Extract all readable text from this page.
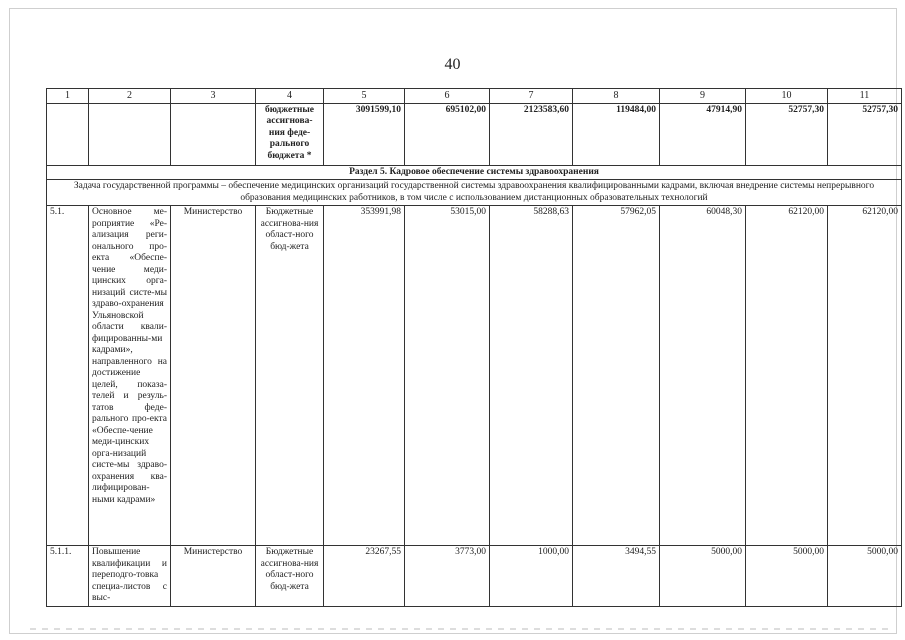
40
1	2	3	4	5	6	7	8	9	10	11
			бюджетные ассигнова-ния феде-рального бюджета *	3091599,10	695102,00	2123583,60	119484,00	47914,90	52757,30	52757,30
Раздел 5. Кадровое обеспечение системы здравоохранения										
Задача государственной программы – обеспечение медицинских организаций государственной системы здравоохранения квалифицированными кадрами, включая внедрение системы непрерывного образования медицинских работников, в том числе с использованием дистанционных образовательных технологий										
5.1.	Основное ме-роприятие «Ре-ализация реги-онального про-екта «Обеспе-чение меди-цинских орга-низаций систе-мы здраво-охранения Ульяновской области квали-фицированны-ми кадрами», направленного на достижение целей, показа-телей и резуль-татов феде-рального про-екта «Обеспе-чение меди-цинских орга-низаций систе-мы здраво-охранения ква-лифицирован-ными кадрами»	Министерство	Бюджетные ассигнова-ния област-ного бюд-жета	353991,98	53015,00	58288,63	57962,05	60048,30	62120,00	62120,00
5.1.1.	Повышение квалификации и переподго-товка специа-листов с выс-	Министерство	Бюджетные ассигнова-ния област-ного бюд-жета	23267,55	3773,00	1000,00	3494,55	5000,00	5000,00	5000,00
